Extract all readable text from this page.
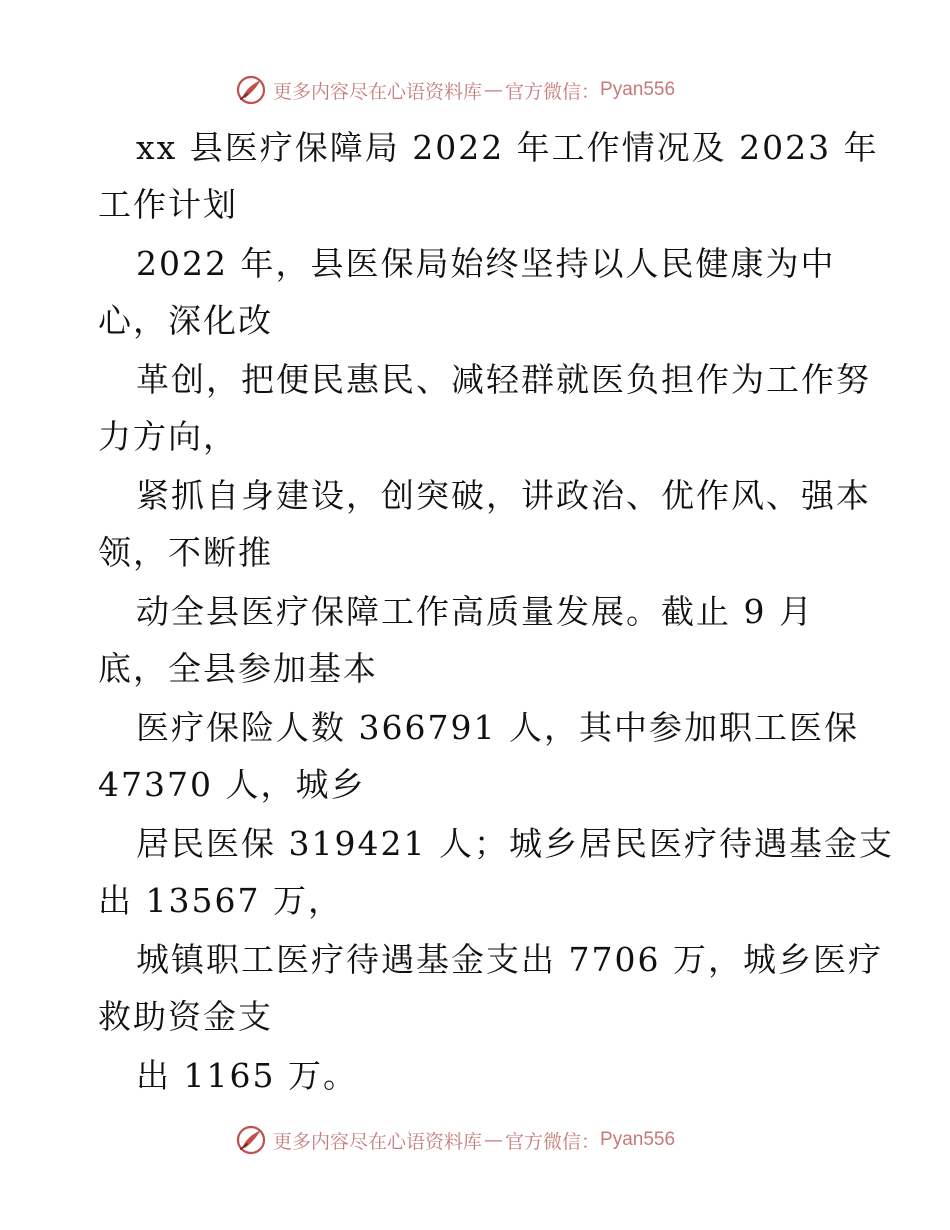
更多内容尽在心语资料库 — 官方微信： Pyan556
xx 县医疗保障局 2022 年工作情况及 2023 年
工作计划
2022 年，县医保局始终坚持以人民健康为中
心，深化改
革创，把便民惠民、减轻群就医负担作为工作努
力方向，
紧抓自身建设，创突破，讲政治、优作风、强本
领，不断推
动全县医疗保障工作高质量发展。截止 9 月
底，全县参加基本
医疗保险人数 366791 人，其中参加职工医保
47370 人，城乡
居民医保 319421 人；城乡居民医疗待遇基金支
出 13567 万，
城镇职工医疗待遇基金支出 7706 万，城乡医疗
救助资金支
出 1165 万。
更多内容尽在心语资料库 — 官方微信： Pyan556
